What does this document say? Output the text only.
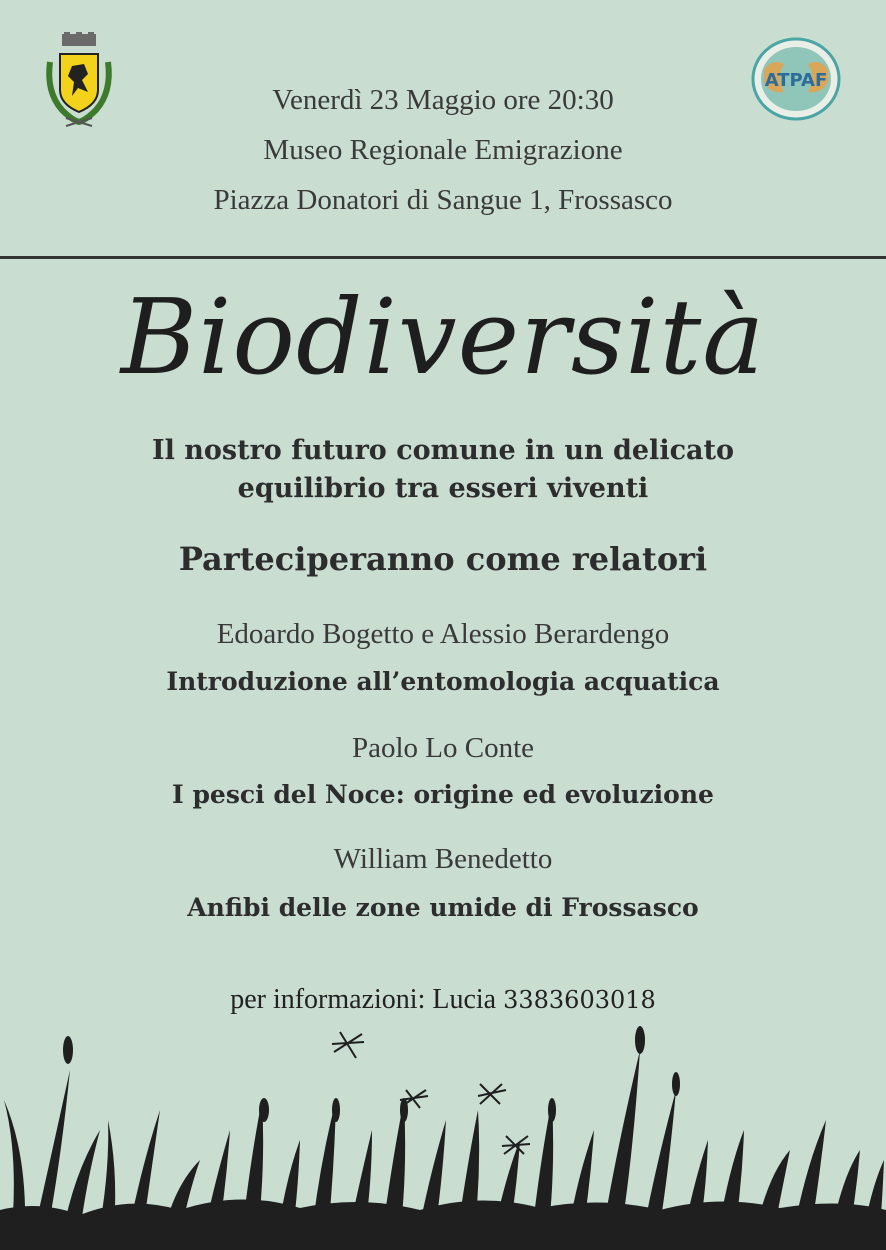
ATPAF
Venerdì 23 Maggio ore 20:30
Museo Regionale Emigrazione
Piazza Donatori di Sangue 1, Frossasco
Biodiversità
Il nostro futuro comune in un delicato
equilibrio tra esseri viventi
Parteciperanno come relatori
Edoardo Bogetto e Alessio Berardengo
Introduzione all’entomologia acquatica
Paolo Lo Conte
I pesci del Noce: origine ed evoluzione
William Benedetto
Anfibi delle zone umide di Frossasco
per informazioni: Lucia 3383603018
